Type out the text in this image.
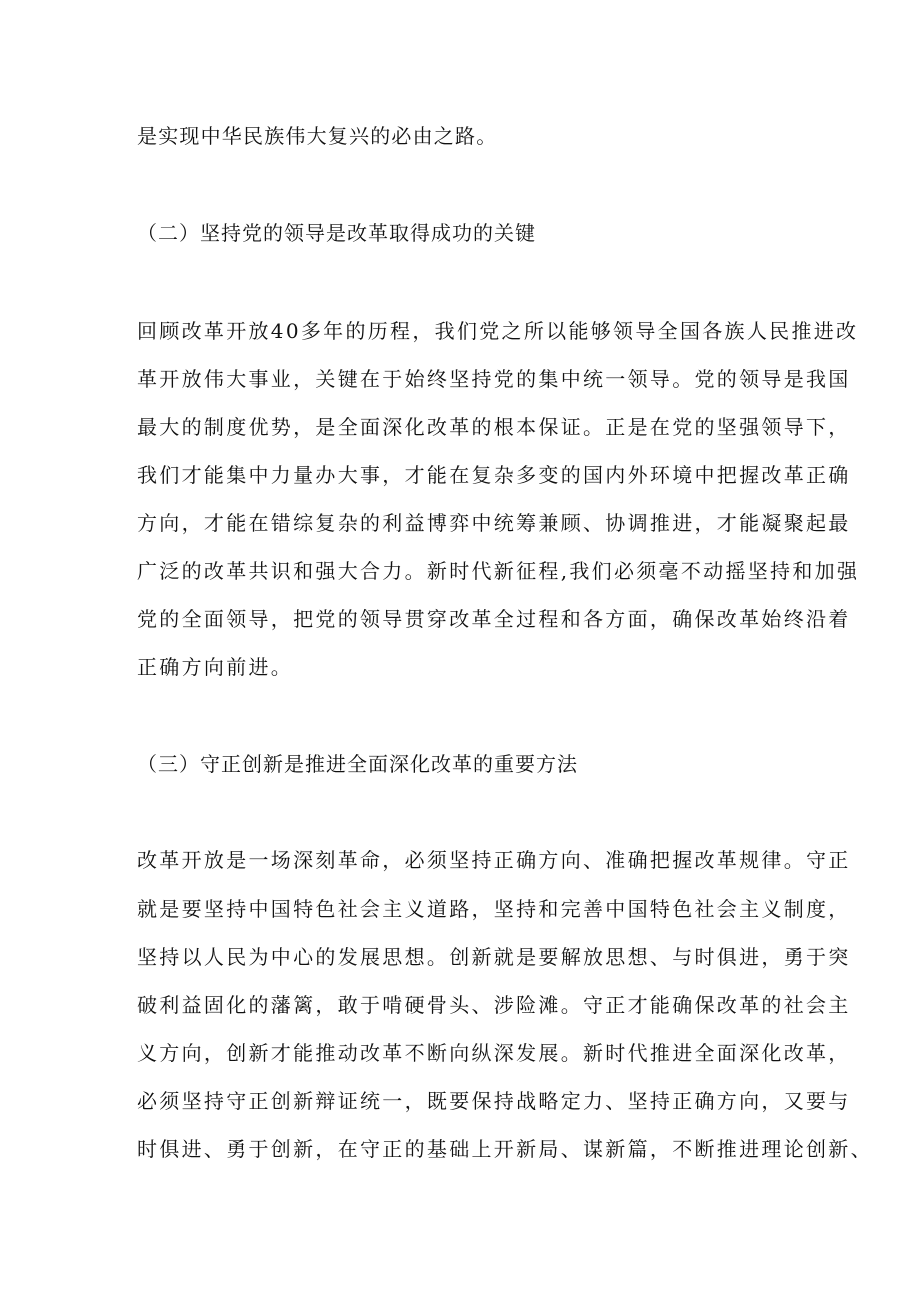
是实现中华民族伟大复兴的必由之路。
（二）坚持党的领导是改革取得成功的关键
回顾改革开放40多年的历程，我们党之所以能够领导全国各族人民推进改
革开放伟大事业，关键在于始终坚持党的集中统一领导。党的领导是我国
最大的制度优势，是全面深化改革的根本保证。正是在党的坚强领导下，
我们才能集中力量办大事，才能在复杂多变的国内外环境中把握改革正确
方向，才能在错综复杂的利益博弈中统筹兼顾、协调推进，才能凝聚起最
广泛的改革共识和强大合力。新时代新征程,我们必须毫不动摇坚持和加强
党的全面领导，把党的领导贯穿改革全过程和各方面，确保改革始终沿着
正确方向前进。
（三）守正创新是推进全面深化改革的重要方法
改革开放是一场深刻革命，必须坚持正确方向、准确把握改革规律。守正
就是要坚持中国特色社会主义道路，坚持和完善中国特色社会主义制度，
坚持以人民为中心的发展思想。创新就是要解放思想、与时俱进，勇于突
破利益固化的藩篱，敢于啃硬骨头、涉险滩。守正才能确保改革的社会主
义方向，创新才能推动改革不断向纵深发展。新时代推进全面深化改革，
必须坚持守正创新辩证统一，既要保持战略定力、坚持正确方向，又要与
时俱进、勇于创新，在守正的基础上开新局、谋新篇，不断推进理论创新、
